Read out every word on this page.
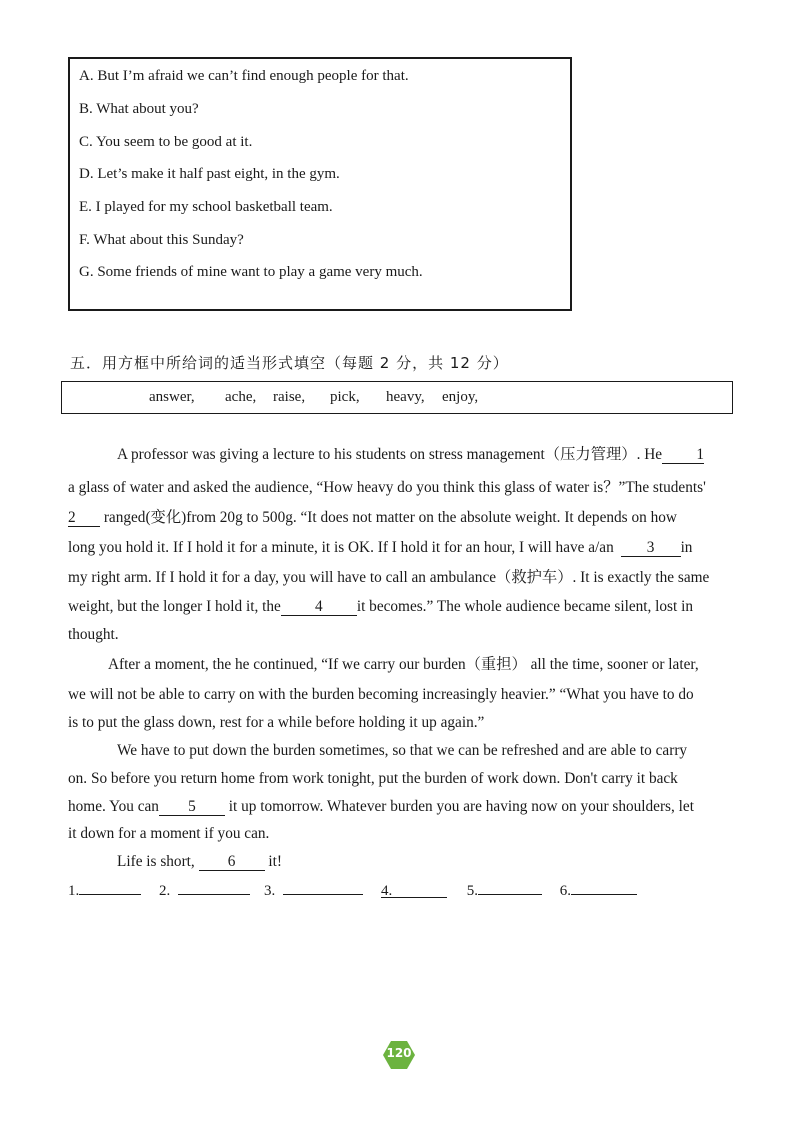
A. But I’m afraid we can’t find enough people for that.
B. What about you?
C. You seem to be good at it.
D. Let’s make it half past eight, in the gym.
E. I played for my school basketball team.
F. What about this Sunday?
G. Some friends of mine want to play a game very much.
五．用方框中所给词的适当形式填空（每题 2 分，共 12 分）
answer, ache, raise, pick, heavy, enjoy,
A professor was giving a lecture to his students on stress management（压力管理）. He 1
a glass of water and asked the audience, “How heavy do you think this glass of water is？”The students'
2 ranged(变化)from 20g to 500g. “It does not matter on the absolute weight. It depends on how
long you hold it. If I hold it for a minute, it is OK. If I hold it for an hour, I will have a/an 3 in
my right arm. If I hold it for a day, you will have to call an ambulance（救护车）. It is exactly the same
weight, but the longer I hold it, the 4 it becomes.” The whole audience became silent, lost in
thought.
After a moment, the he continued, “If we carry our burden（重担） all the time, sooner or later,
we will not be able to carry on with the burden becoming increasingly heavier.” “What you have to do
is to put the glass down, rest for a while before holding it up again.”
We have to put down the burden sometimes, so that we can be refreshed and are able to carry
on. So before you return home from work tonight, put the burden of work down. Don't carry it back
home. You can 5 it up tomorrow. Whatever burden you are having now on your shoulders, let
it down for a moment if you can.
Life is short, 6 it!
1.	2.	3.	4.	5.	6.
120
